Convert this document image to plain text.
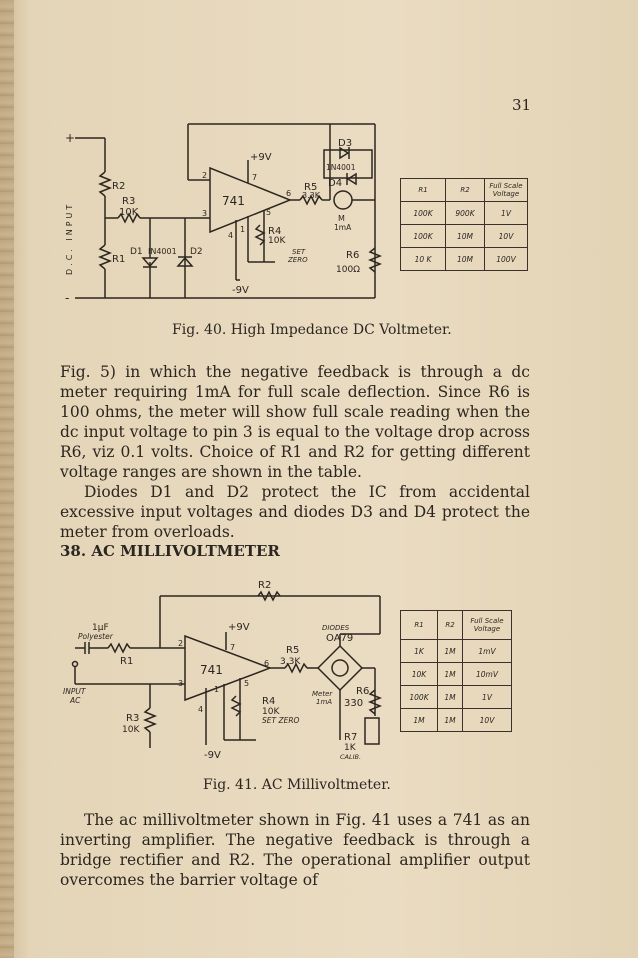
31
+
-
D.C. INPUT
R2
R3
10K
R1
D1 IN4001 D2
+9V
-9V
741
2
3
4
5
6
7
1
D3
1N4001
D4
R5
3.3K
M
1mA
R4
10K
SET
ZERO	R6
100Ω
R1	R2	Full Scale Voltage
100K	900K	1V
100K	10M	10V
10 K	10M	100V
Fig. 40. High Impedance DC Voltmeter.

Fig. 5) in which the negative feedback is through a dc meter requiring 1mA for full scale deflection. Since R6 is 100 ohms, the meter will show full scale reading when the dc input voltage to pin 3 is equal to the voltage drop across R6, viz 0.1 volts. Choice of R1 and R2 for getting different voltage ranges are shown in the table.

Diodes D1 and D2 protect the IC from accidental excessive input voltages and diodes D3 and D4 protect the meter from overloads.

38. AC MILLIVOLTMETER
1μF
Polyester
R1
INPUT
AC
R3
10K
R2
+9V
-9V
741
2
3
4
5
6
7
1
R5
3.3K
DIODES
OA79
Meter
1mA
R6
330
R4
10K
SET ZERO
R7
1K
CALIB.
R1	R2	Full Scale Voltage
1K	1M	1mV
10K	1M	10mV
100K	1M	1V
1M	1M	10V
Fig. 41. AC Millivoltmeter.

The ac millivoltmeter shown in Fig. 41 uses a 741 as an inverting amplifier. The negative feedback is through a bridge rectifier and R2. The operational amplifier output overcomes the barrier voltage of
